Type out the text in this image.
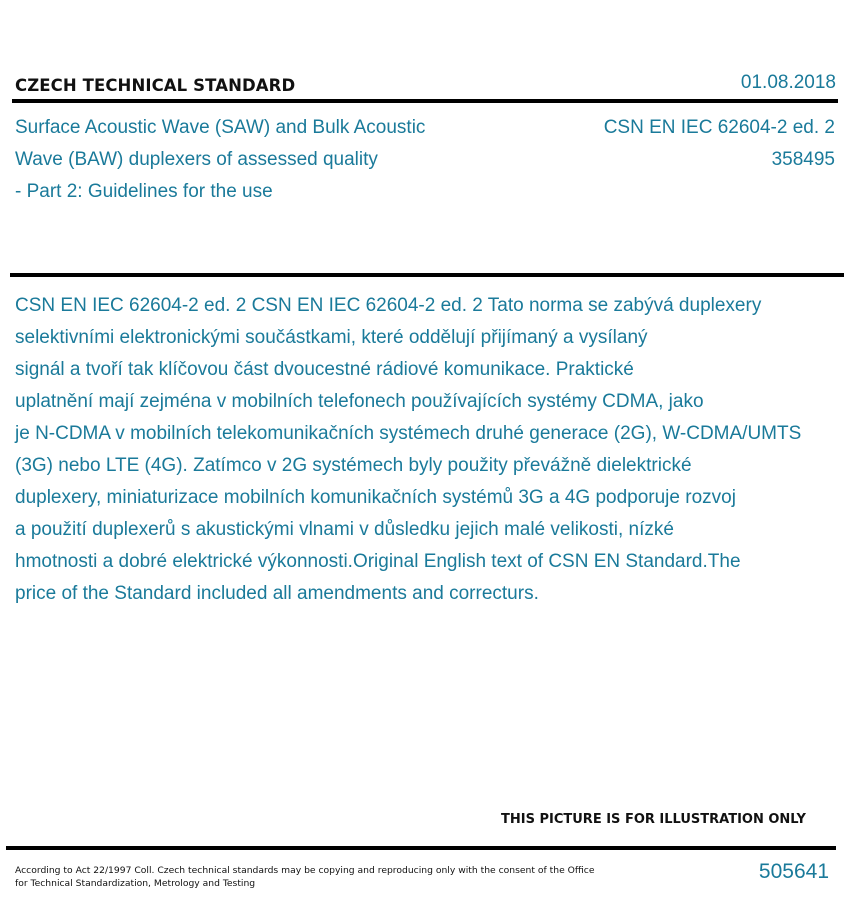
CZECH TECHNICAL STANDARD	01.08.2018
Surface Acoustic Wave (SAW) and Bulk Acoustic
Wave (BAW) duplexers of assessed quality
- Part 2: Guidelines for the use
CSN EN IEC 62604-2 ed. 2
358495
CSN EN IEC 62604-2 ed. 2 CSN EN IEC 62604-2 ed. 2 Tato norma se zabývá duplexery
selektivními elektronickými součástkami, které oddělují přijímaný a vysílaný
signál a tvoří tak klíčovou část dvoucestné rádiové komunikace. Praktické
uplatnění mají zejména v mobilních telefonech používajících systémy CDMA, jako
je N-CDMA v mobilních telekomunikačních systémech druhé generace (2G), W-CDMA/UMTS
(3G) nebo LTE (4G). Zatímco v 2G systémech byly použity převážně dielektrické
duplexery, miniaturizace mobilních komunikačních systémů 3G a 4G podporuje rozvoj
a použití duplexerů s akustickými vlnami v důsledku jejich malé velikosti, nízké
hmotnosti a dobré elektrické výkonnosti.Original English text of CSN EN Standard.The
price of the Standard included all amendments and correcturs.
THIS PICTURE IS FOR ILLUSTRATION ONLY
According to Act 22/1997 Coll. Czech technical standards may be copying and reproducing only with the consent of the Office
for Technical Standardization, Metrology and Testing
505641
